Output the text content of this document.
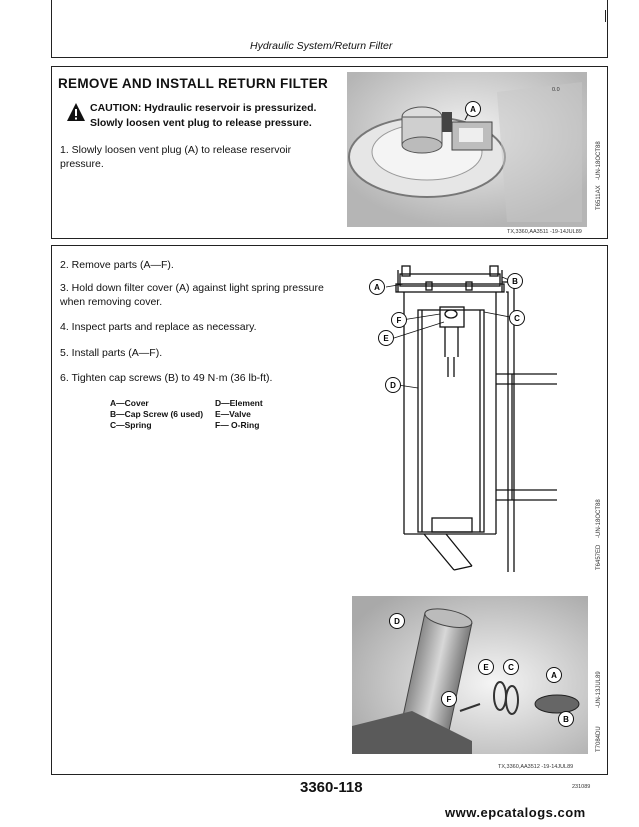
Hydraulic System/Return Filter
REMOVE AND INSTALL RETURN FILTER
CAUTION: Hydraulic reservoir is pressurized.
Slowly loosen vent plug to release pressure.
1. Slowly loosen vent plug (A) to release reservoir
pressure.
A
0.0
T6511AX
-UN-18OCT88
TX,3360,AA3511 -19-14JUL89
2. Remove parts (A—F).
3. Hold down filter cover (A) against light spring pressure
when removing cover.
4. Inspect parts and replace as necessary.
5. Install parts (A—F).
6. Tighten cap screws (B) to 49 N·m (36 lb-ft).
A—Cover
B—Cap Screw (6 used)
C—Spring
D—Element
E—Valve
F— O-Ring
A
B
C
D
E
F
T6457ED
-UN-18OCT88
D
E C
A
F
B
T7084DU
-UN-13JUL89
TX,3360,AA3512 -19-14JUL89
3360-118	231089
www.epcatalogs.com
